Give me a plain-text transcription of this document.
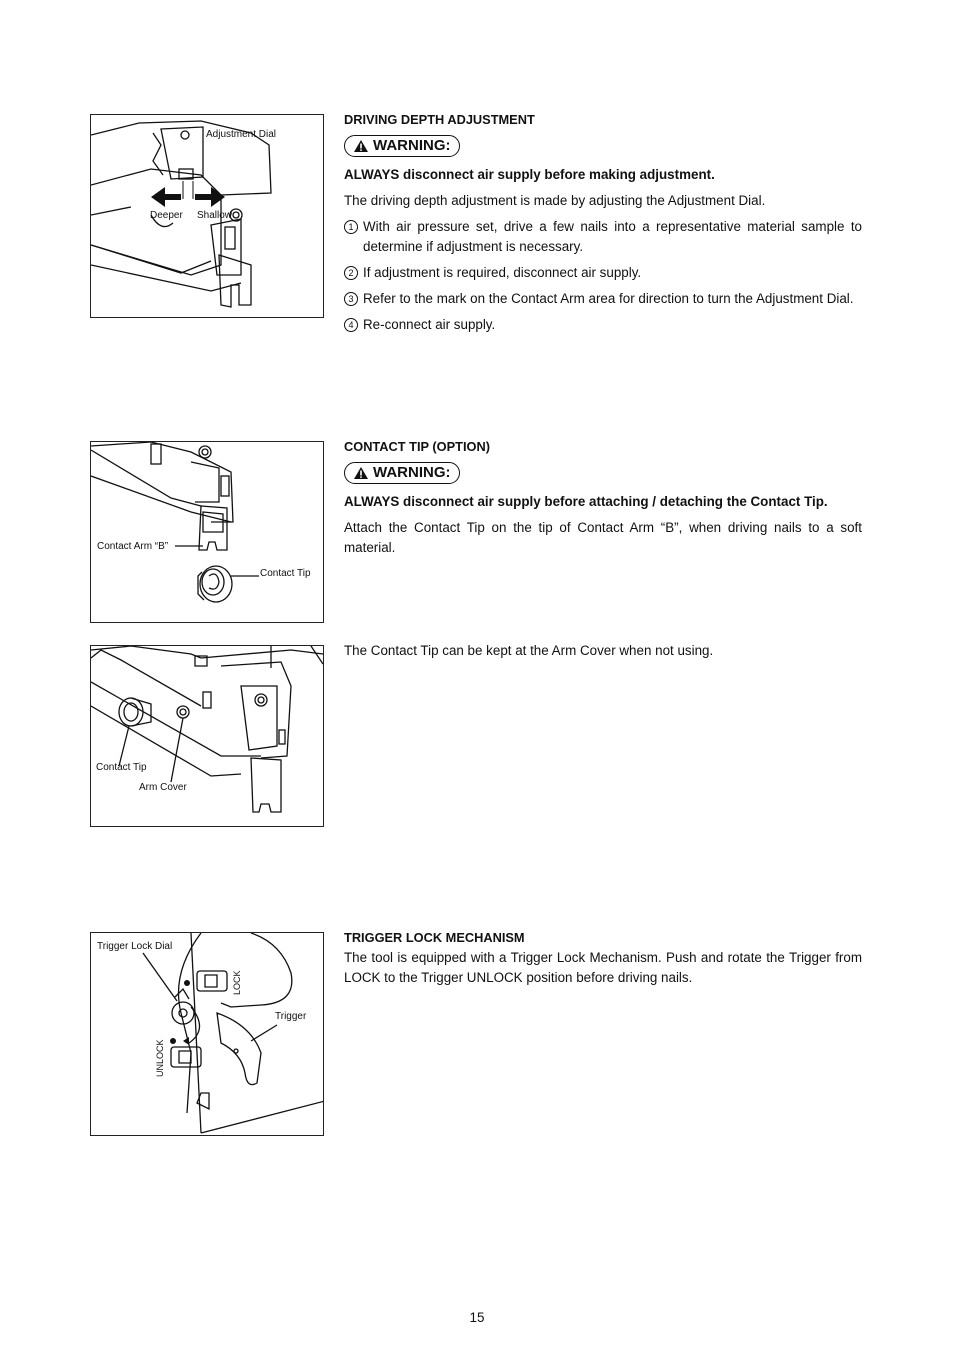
Adjustment Dial
Deeper Shallow
DRIVING DEPTH ADJUSTMENT
WARNING:
ALWAYS disconnect air supply before making adjustment.
The driving depth adjustment is made by adjusting the Adjustment Dial.
1 With air pressure set, drive a few nails into a representative material sample to determine if adjustment is necessary.
2 If adjustment is required, disconnect air supply.
3 Refer to the mark on the Contact Arm area for direction to turn the Adjustment Dial.
4 Re-connect air supply.
Contact Arm “B”
Contact Tip
CONTACT TIP (OPTION)
WARNING:
ALWAYS disconnect air supply before attaching / detaching the Contact Tip.
Attach the Contact Tip on the tip of Contact Arm “B”, when driving nails to a soft material.
Contact Tip
Arm Cover
The Contact Tip can be kept at the Arm Cover when not using.
Trigger Lock Dial
LOCK
UNLOCK
Trigger
TRIGGER LOCK MECHANISM
The tool is equipped with a Trigger Lock Mechanism. Push and rotate the Trigger from LOCK to the Trigger UNLOCK position before driving nails.
15
